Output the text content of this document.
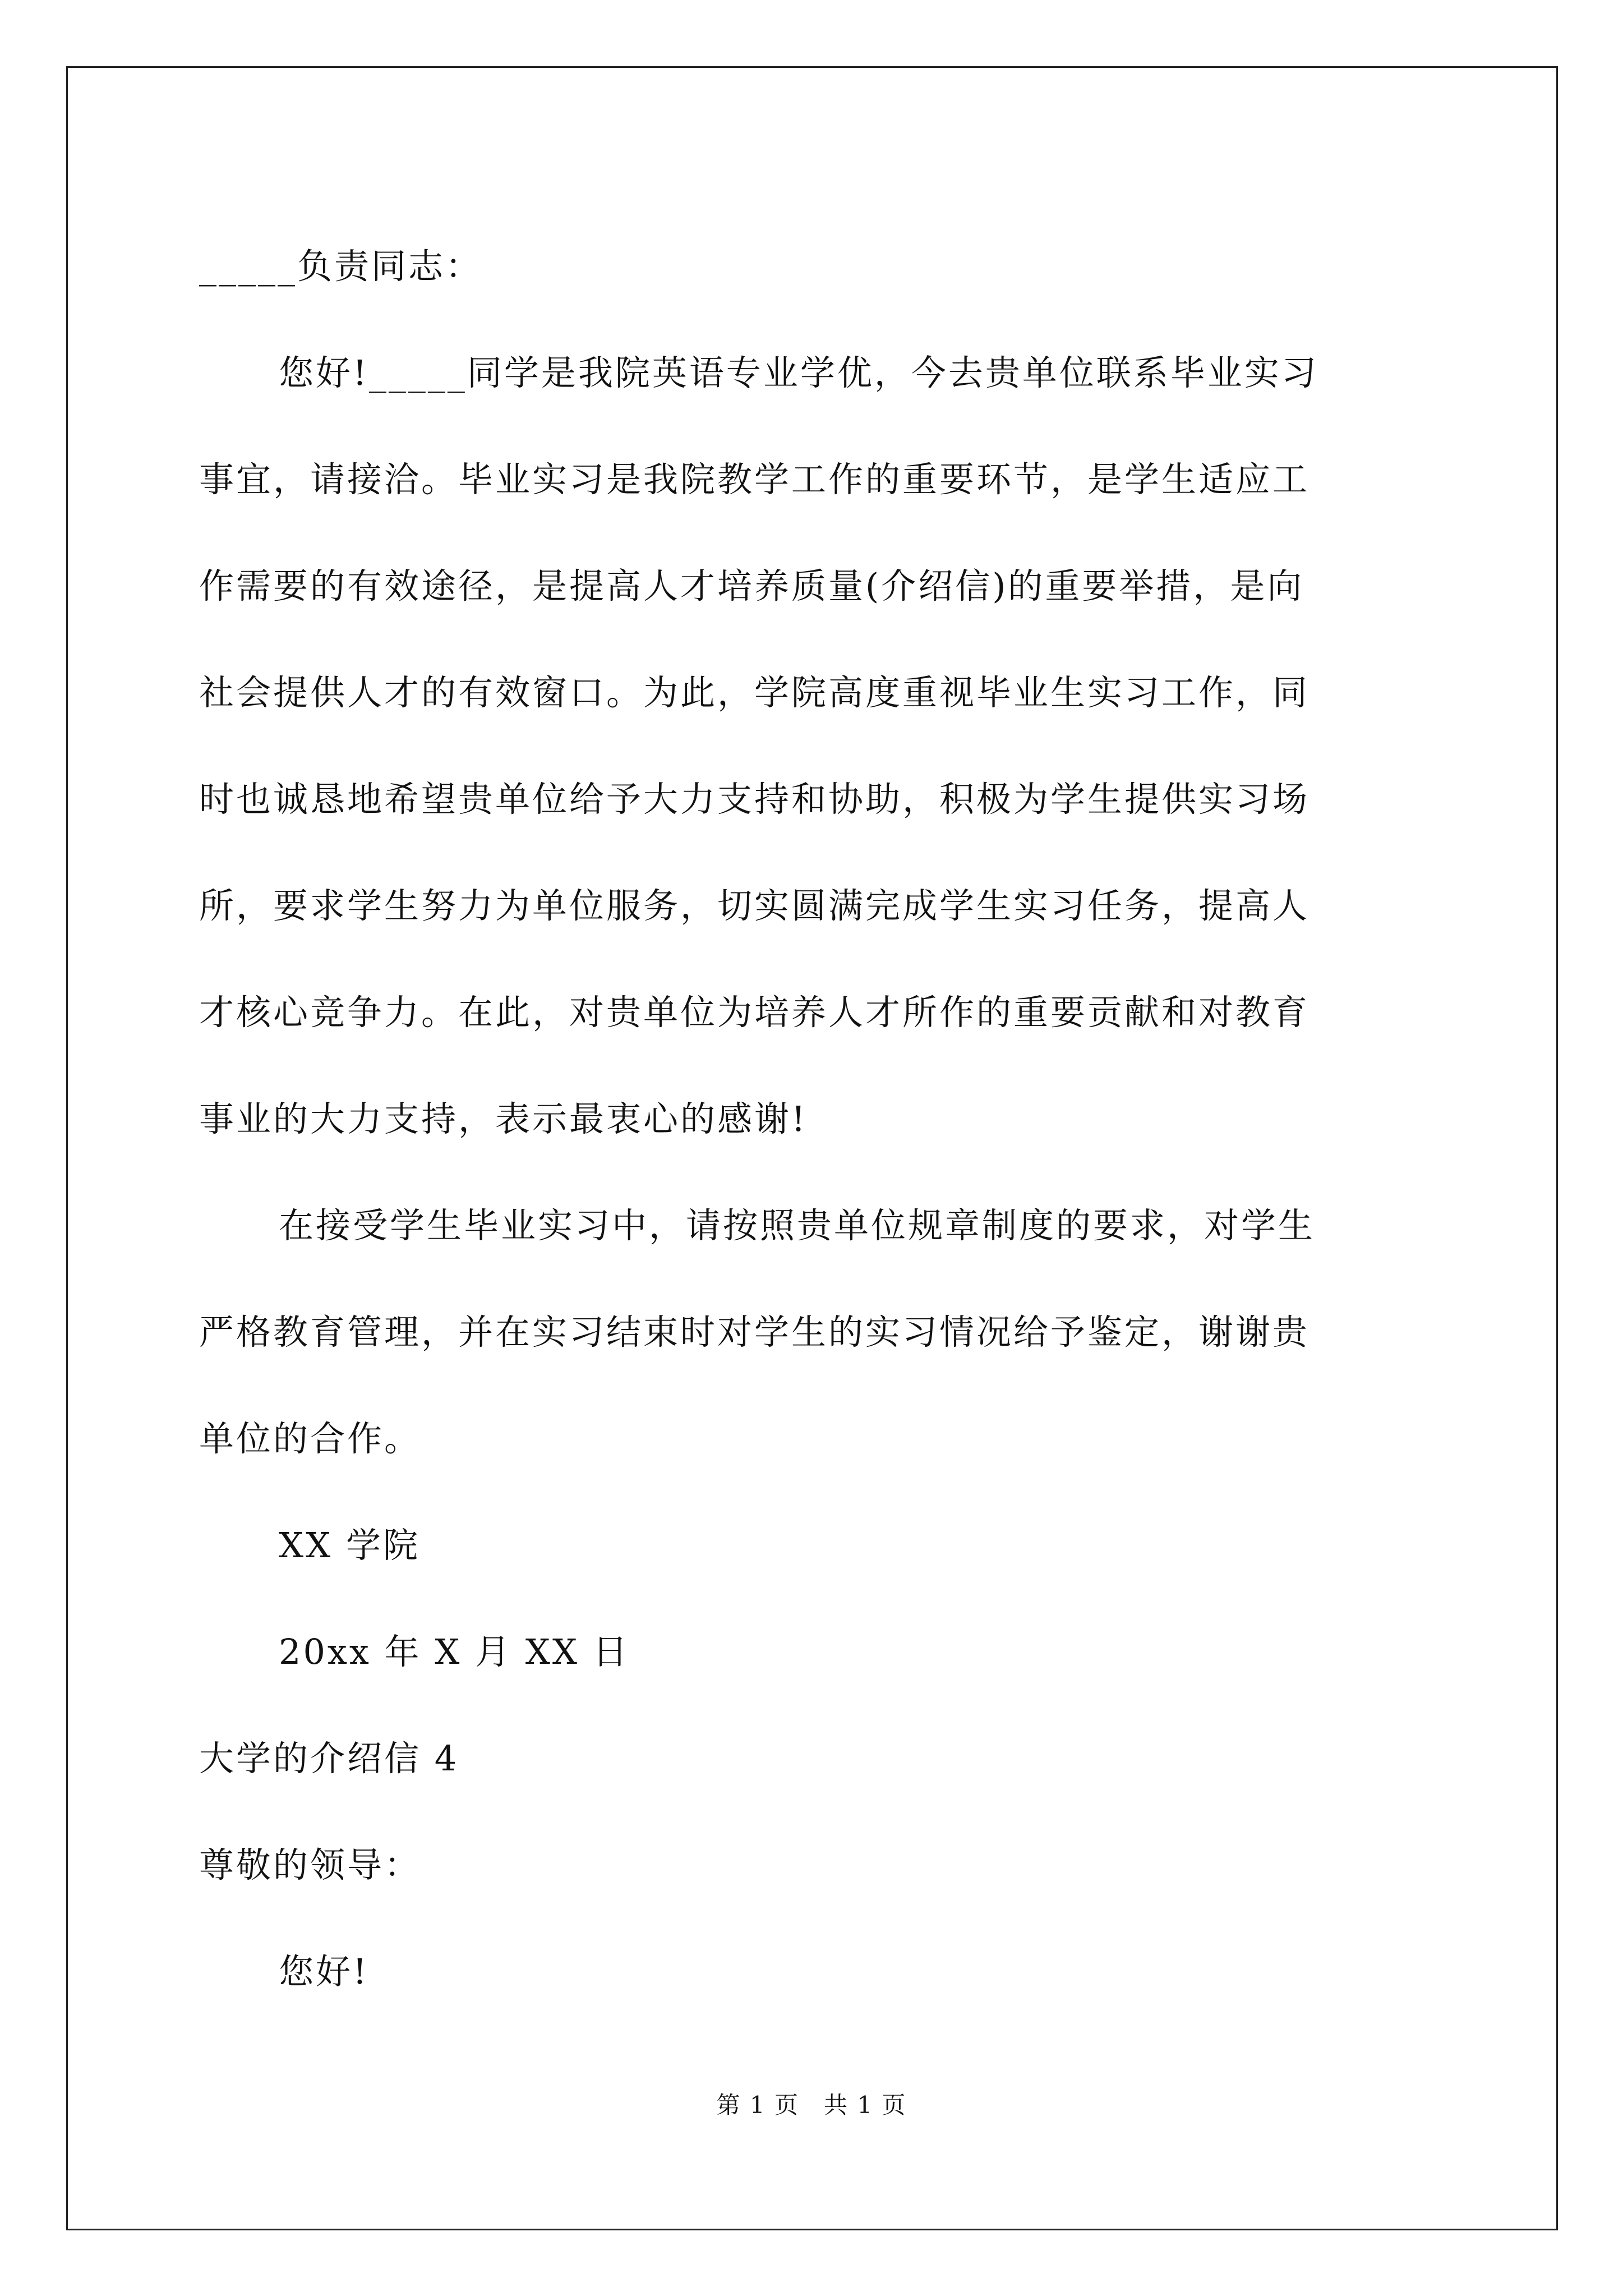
_____负责同志：
您好!_____同学是我院英语专业学优，今去贵单位联系毕业实习
事宜，请接洽。毕业实习是我院教学工作的重要环节，是学生适应工
作需要的有效途径，是提高人才培养质量(介绍信)的重要举措，是向
社会提供人才的有效窗口。为此，学院高度重视毕业生实习工作，同
时也诚恳地希望贵单位给予大力支持和协助，积极为学生提供实习场
所，要求学生努力为单位服务，切实圆满完成学生实习任务，提高人
才核心竞争力。在此，对贵单位为培养人才所作的重要贡献和对教育
事业的大力支持，表示最衷心的感谢!
在接受学生毕业实习中，请按照贵单位规章制度的要求，对学生
严格教育管理，并在实习结束时对学生的实习情况给予鉴定，谢谢贵
单位的合作。
XX 学院
20xx 年 X 月 XX 日
大学的介绍信 4
尊敬的领导：
您好!
第 1 页　共 1 页
